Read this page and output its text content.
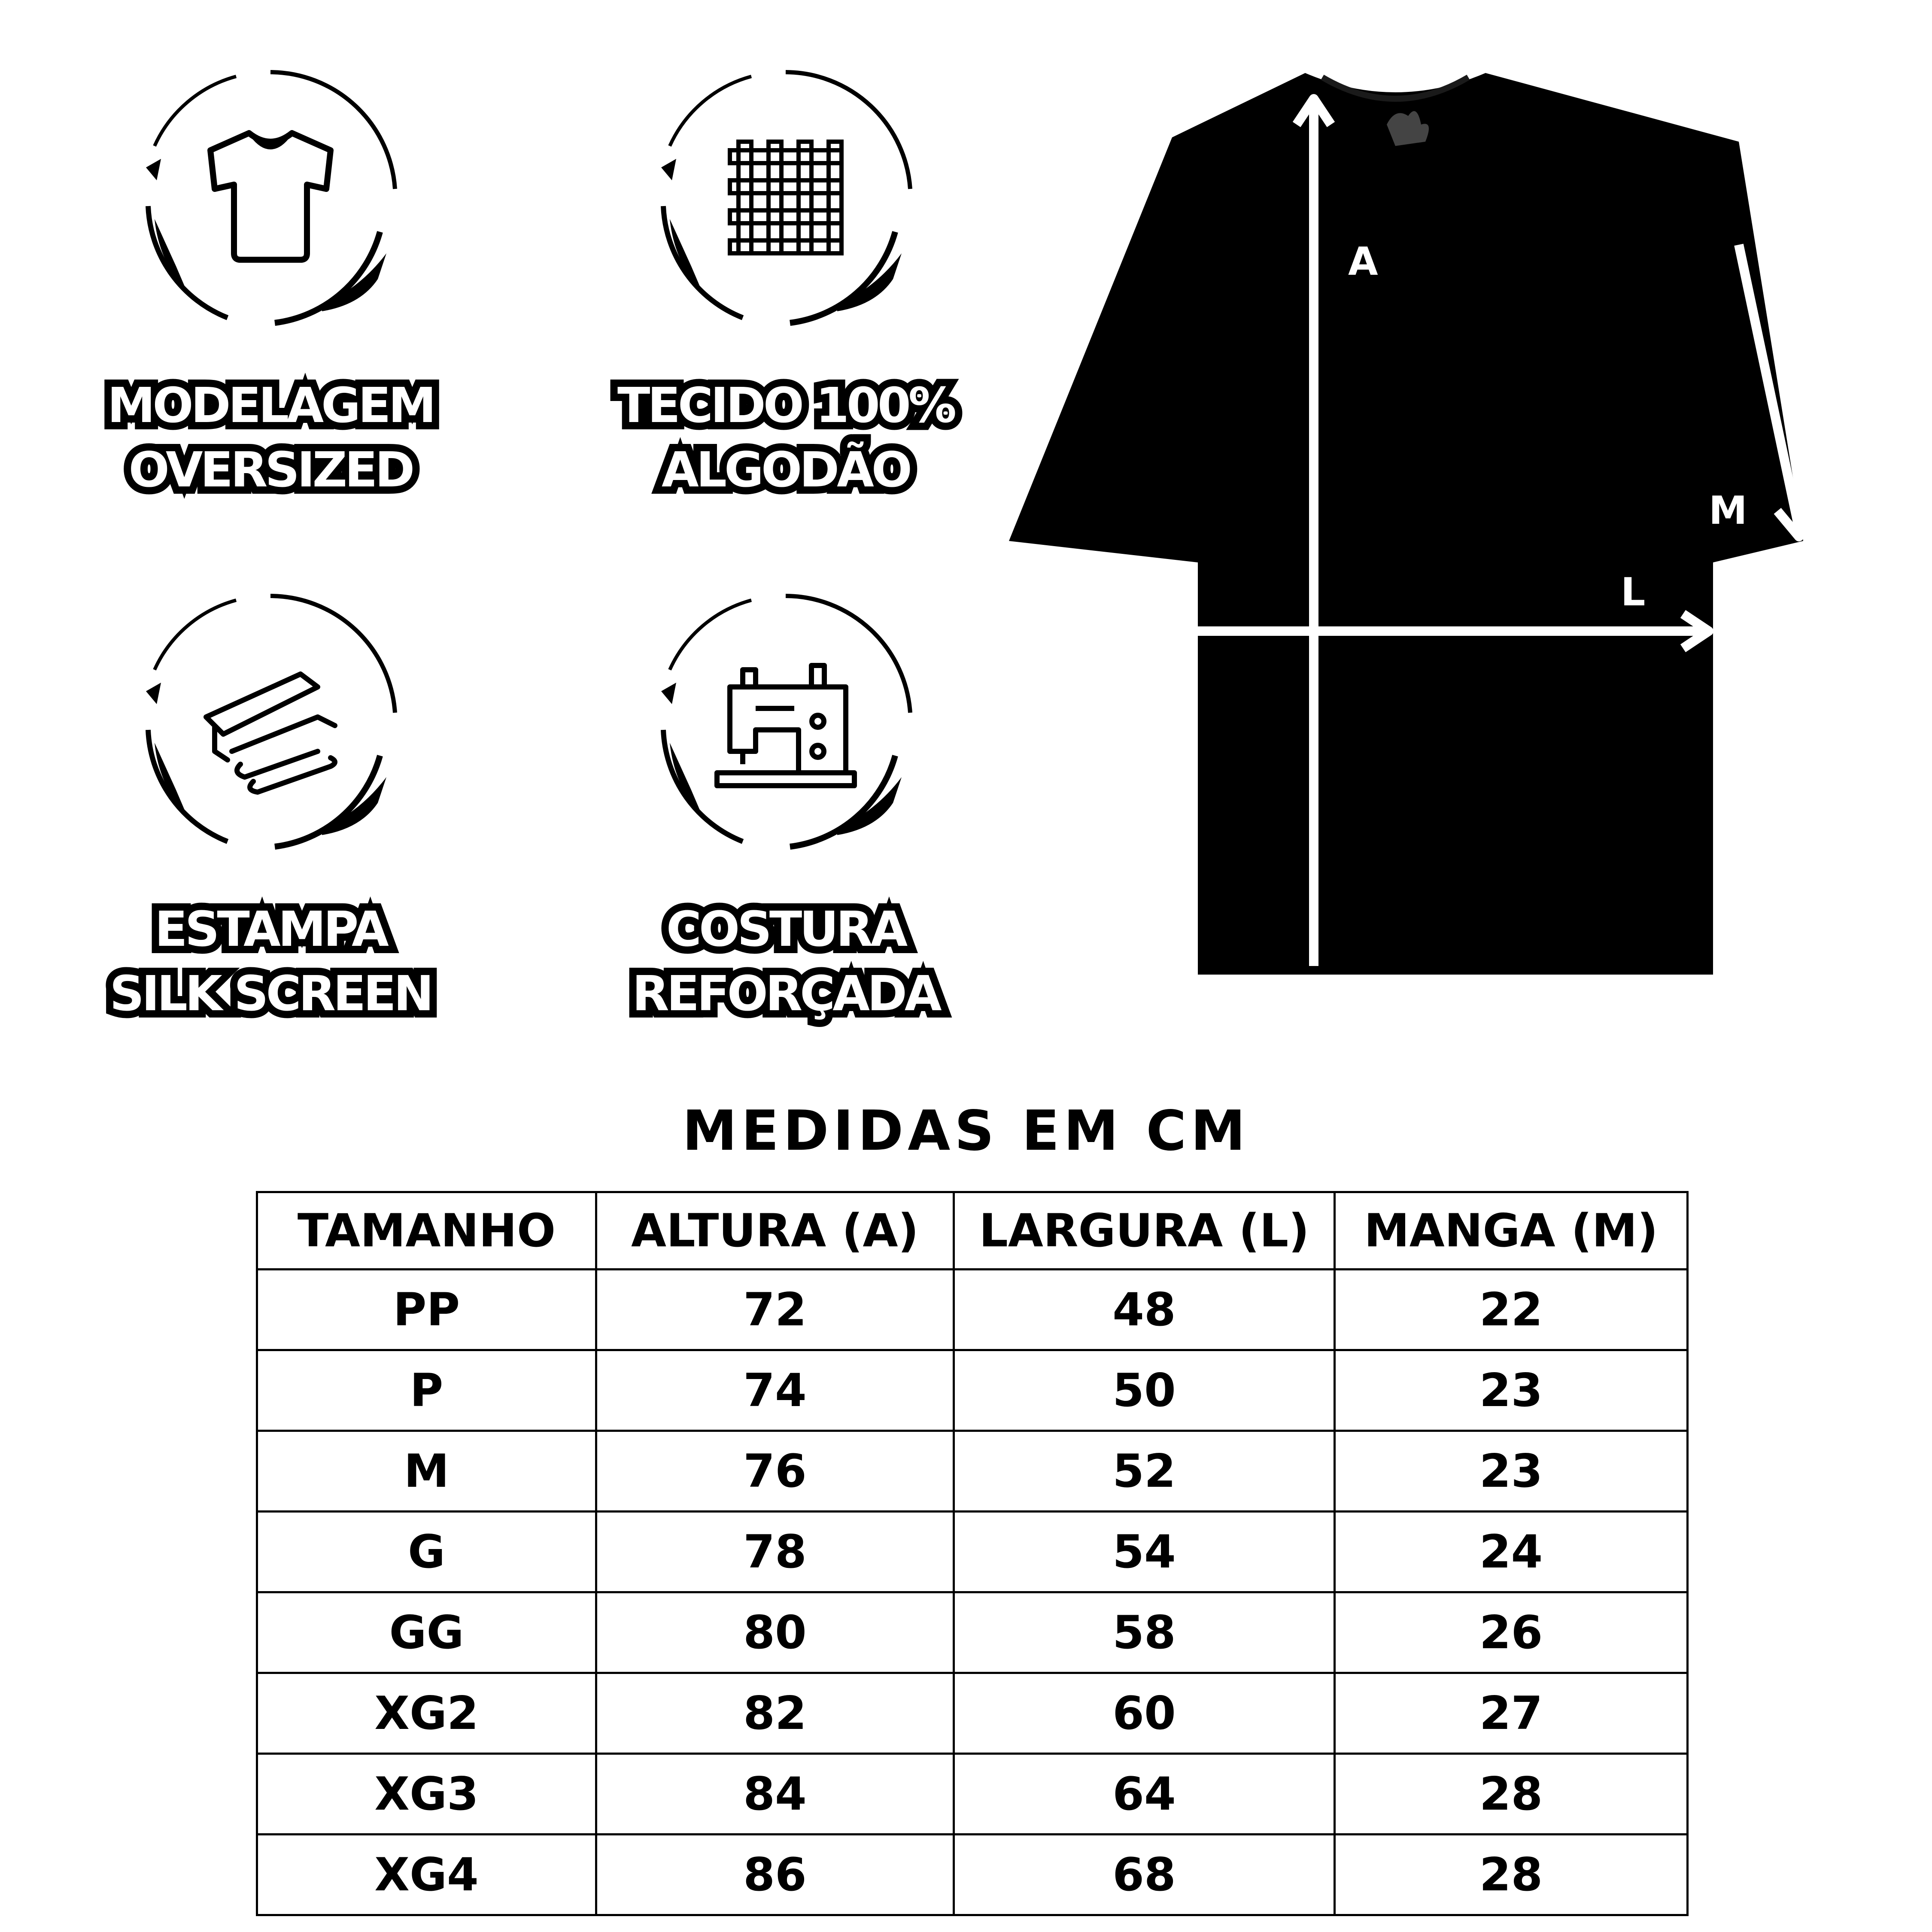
MODELAGEM
OVERSIZED
TECIDO 100%
ALGODÃO
ESTAMPA
SILK SCREEN
COSTURA
REFORÇADA
A
L
M
MEDIDAS EM CM
TAMANHO	ALTURA (A)	LARGURA (L)	MANGA (M)
PP	72	48	22
P	74	50	23
M	76	52	23
G	78	54	24
GG	80	58	26
XG2	82	60	27
XG3	84	64	28
XG4	86	68	28
